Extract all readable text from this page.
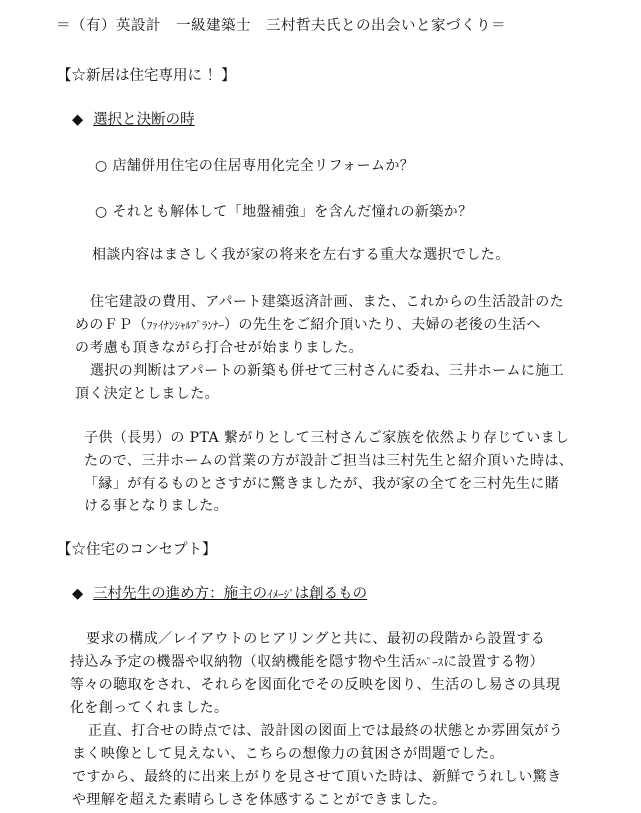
＝（有）英設計　一級建築士　三村哲夫氏との出会いと家づくり＝
【☆新居は住宅専用に ！】
◆ 選択と決断の時
○ 店舗併用住宅の住居専用化完全リフォームか？
○ それとも解体して「地盤補強」を含んだ憧れの新築か？
相談内容はまさしく我が家の将来を左右する重大な選択でした。
住宅建設の費用、アパート建築返済計画、また、これからの生活設計のた
めのＦＰ（ﾌｧｲﾅﾝｼｬﾙﾌﾟﾗﾝﾅｰ）の先生をご紹介頂いたり、夫婦の老後の生活へ
の考慮も頂きながら打合せが始まりました。
選択の判断はアパートの新築も併せて三村さんに委ね、三井ホームに施工
頂く決定としました。
子供（長男）の PTA 繋がりとして三村さんご家族を依然より存じていまし
たので、三井ホームの営業の方が設計ご担当は三村先生と紹介頂いた時は、
「縁」が有るものとさすがに驚きましたが、我が家の全てを三村先生に賭
ける事となりました。
【☆住宅のコンセプト】
◆ 三村先生の進め方：施主のｲﾒｰｼﾞは創るもの
要求の構成／レイアウトのヒアリングと共に、最初の段階から設置する
持込み予定の機器や収納物（収納機能を隠す物や生活ｽﾍﾟｰｽに設置する物）
等々の聴取をされ、それらを図面化でその反映を図り、生活のし易さの具現
化を創ってくれました。
正直、打合せの時点では、設計図の図面上では最終の状態とか雰囲気がう
まく映像として見えない、こちらの想像力の貧困さが問題でした。
ですから、最終的に出来上がりを見させて頂いた時は、新鮮でうれしい驚き
や理解を超えた素晴らしさを体感することができました。
